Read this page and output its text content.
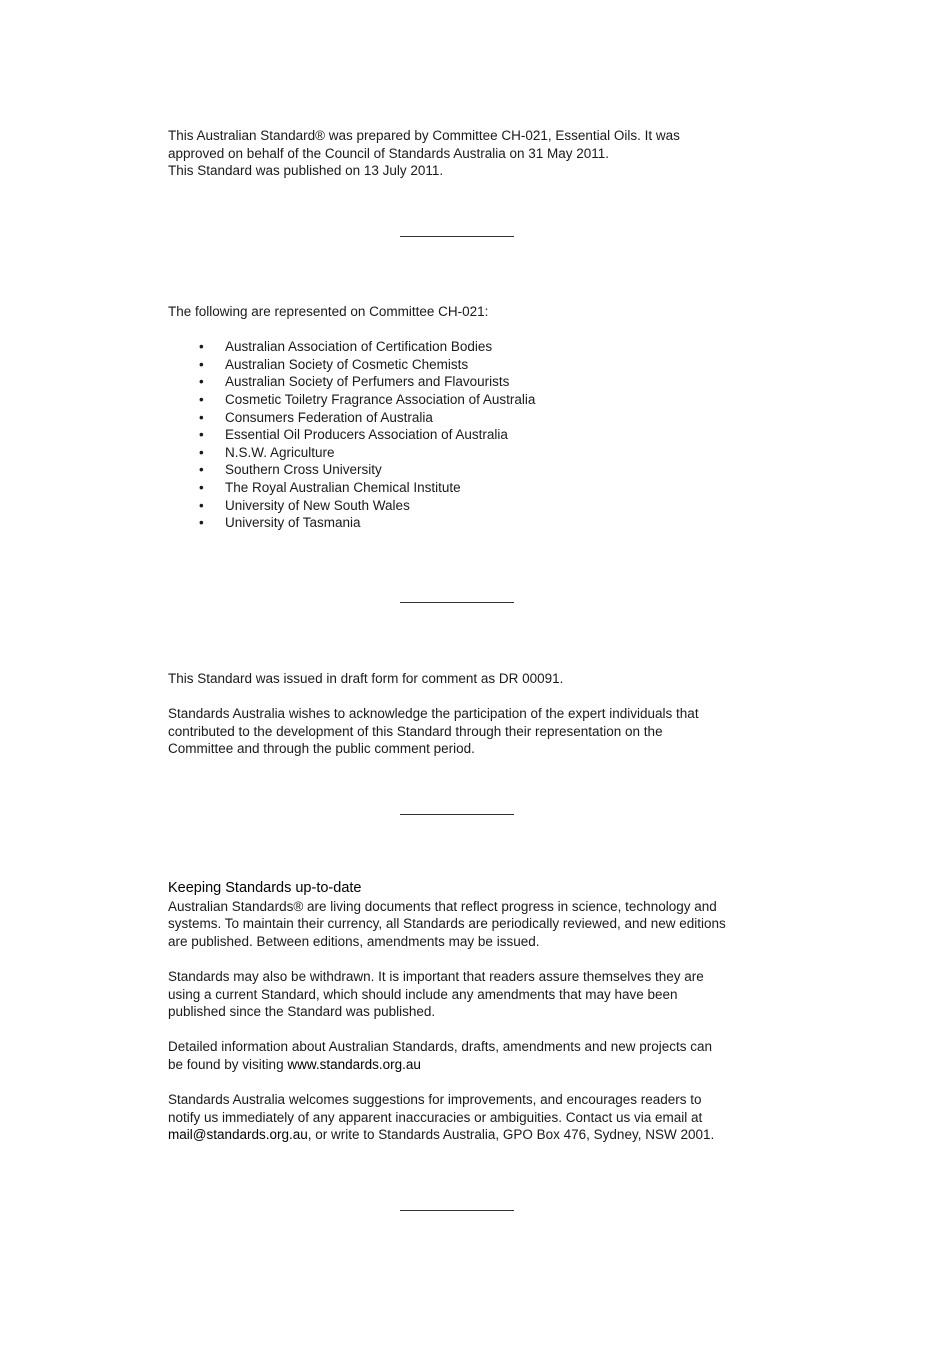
This Australian Standard® was prepared by Committee CH-021, Essential Oils. It was

approved on behalf of the Council of Standards Australia on 31 May 2011.

This Standard was published on 13 July 2011.

The following are represented on Committee CH-021:

• Australian Association of Certification Bodies
• Australian Society of Cosmetic Chemists
• Australian Society of Perfumers and Flavourists
• Cosmetic Toiletry Fragrance Association of Australia
• Consumers Federation of Australia
• Essential Oil Producers Association of Australia
• N.S.W. Agriculture
• Southern Cross University
• The Royal Australian Chemical Institute
• University of New South Wales
• University of Tasmania

This Standard was issued in draft form for comment as DR 00091.

Standards Australia wishes to acknowledge the participation of the expert individuals that

contributed to the development of this Standard through their representation on the

Committee and through the public comment period.

Keeping Standards up-to-date

Australian Standards® are living documents that reflect progress in science, technology and

systems. To maintain their currency, all Standards are periodically reviewed, and new editions

are published. Between editions, amendments may be issued.

Standards may also be withdrawn. It is important that readers assure themselves they are

using a current Standard, which should include any amendments that may have been

published since the Standard was published.

Detailed information about Australian Standards, drafts, amendments and new projects can

be found by visiting www.standards.org.au

Standards Australia welcomes suggestions for improvements, and encourages readers to

notify us immediately of any apparent inaccuracies or ambiguities. Contact us via email at

mail@standards.org.au, or write to Standards Australia, GPO Box 476, Sydney, NSW 2001.
